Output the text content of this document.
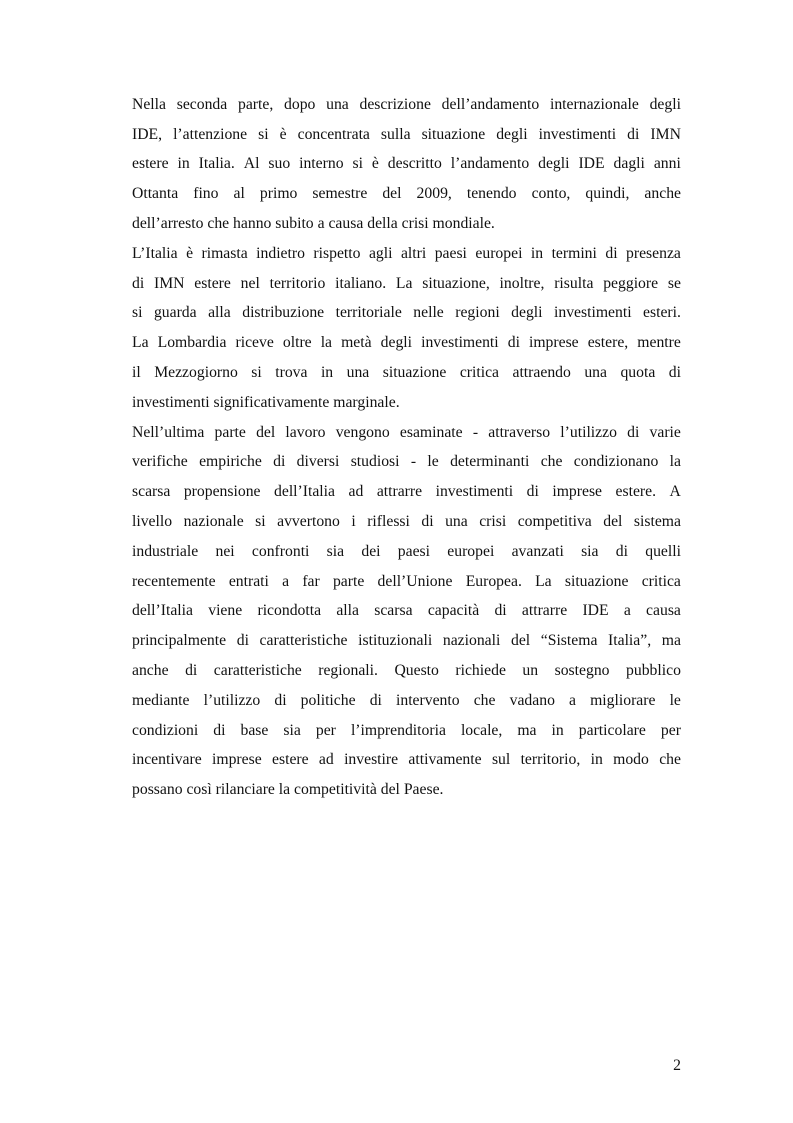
Nella seconda parte, dopo una descrizione dell’andamento internazionale degli
IDE, l’attenzione si è concentrata sulla situazione degli investimenti di IMN
estere in Italia. Al suo interno si è descritto l’andamento degli IDE dagli anni
Ottanta fino al primo semestre del 2009, tenendo conto, quindi, anche
dell’arresto che hanno subito a causa della crisi mondiale.
L’Italia è rimasta indietro rispetto agli altri paesi europei in termini di presenza
di IMN estere nel territorio italiano. La situazione, inoltre, risulta peggiore se
si guarda alla distribuzione territoriale nelle regioni degli investimenti esteri.
La Lombardia riceve oltre la metà degli investimenti di imprese estere, mentre
il Mezzogiorno si trova in una situazione critica attraendo una quota di
investimenti significativamente marginale.
Nell’ultima parte del lavoro vengono esaminate - attraverso l’utilizzo di varie
verifiche empiriche di diversi studiosi - le determinanti che condizionano la
scarsa propensione dell’Italia ad attrarre investimenti di imprese estere. A
livello nazionale si avvertono i riflessi di una crisi competitiva del sistema
industriale nei confronti sia dei paesi europei avanzati sia di quelli
recentemente entrati a far parte dell’Unione Europea. La situazione critica
dell’Italia viene ricondotta alla scarsa capacità di attrarre IDE a causa
principalmente di caratteristiche istituzionali nazionali del “Sistema Italia”, ma
anche di caratteristiche regionali. Questo richiede un sostegno pubblico
mediante l’utilizzo di politiche di intervento che vadano a migliorare le
condizioni di base sia per l’imprenditoria locale, ma in particolare per
incentivare imprese estere ad investire attivamente sul territorio, in modo che
possano così rilanciare la competitività del Paese.
2
